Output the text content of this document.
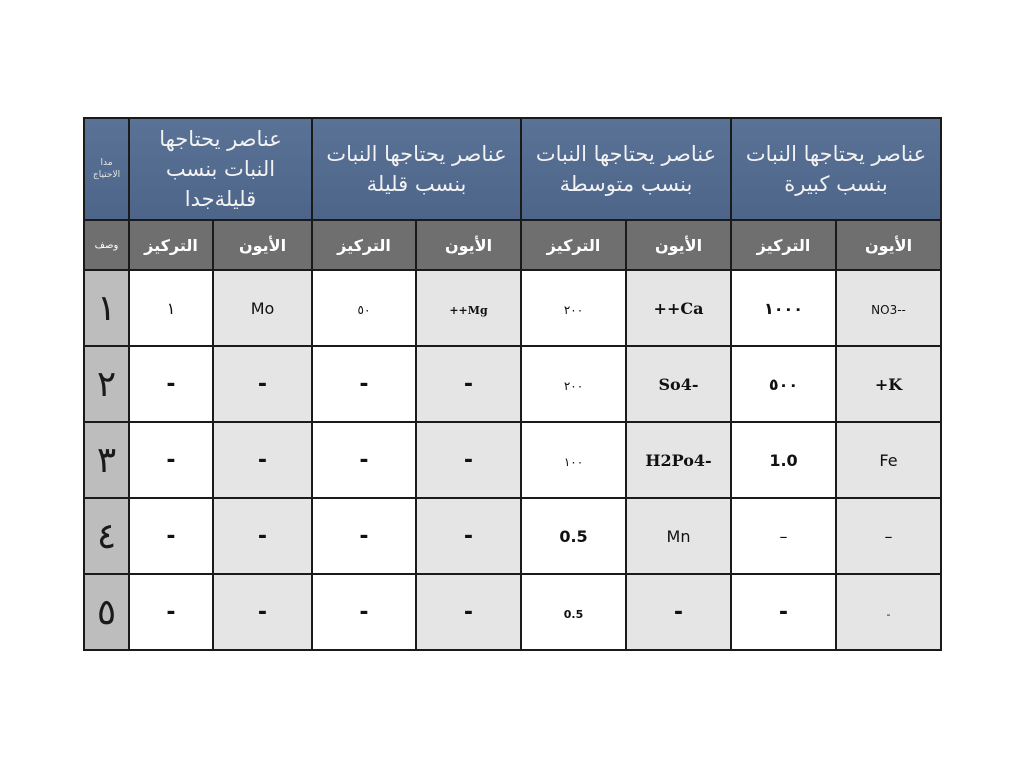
مدا الاحتياج	عناصر يحتاجها النبات بنسب قليلةجدا		عناصر يحتاجها النبات بنسب قليلة		عناصر يحتاجها النبات بنسب متوسطة		عناصر يحتاجها النبات بنسب كبيرة	
وصف	التركيز	الأيون	التركيز	الأيون	التركيز	الأيون	التركيز	الأيون
١	١	Mo	٥٠	++Mg	٢٠٠	++Ca	١٠٠٠	NO3--
٢	-	-	-	-	٢٠٠	So4-	٥٠٠	+K
٣	-	-	-	-	١٠٠	H2Po4-	1.0	Fe
٤	-	-	-	-	0.5	Mn	–	–
٥	-	-	-	-	0.5	-	-	-
